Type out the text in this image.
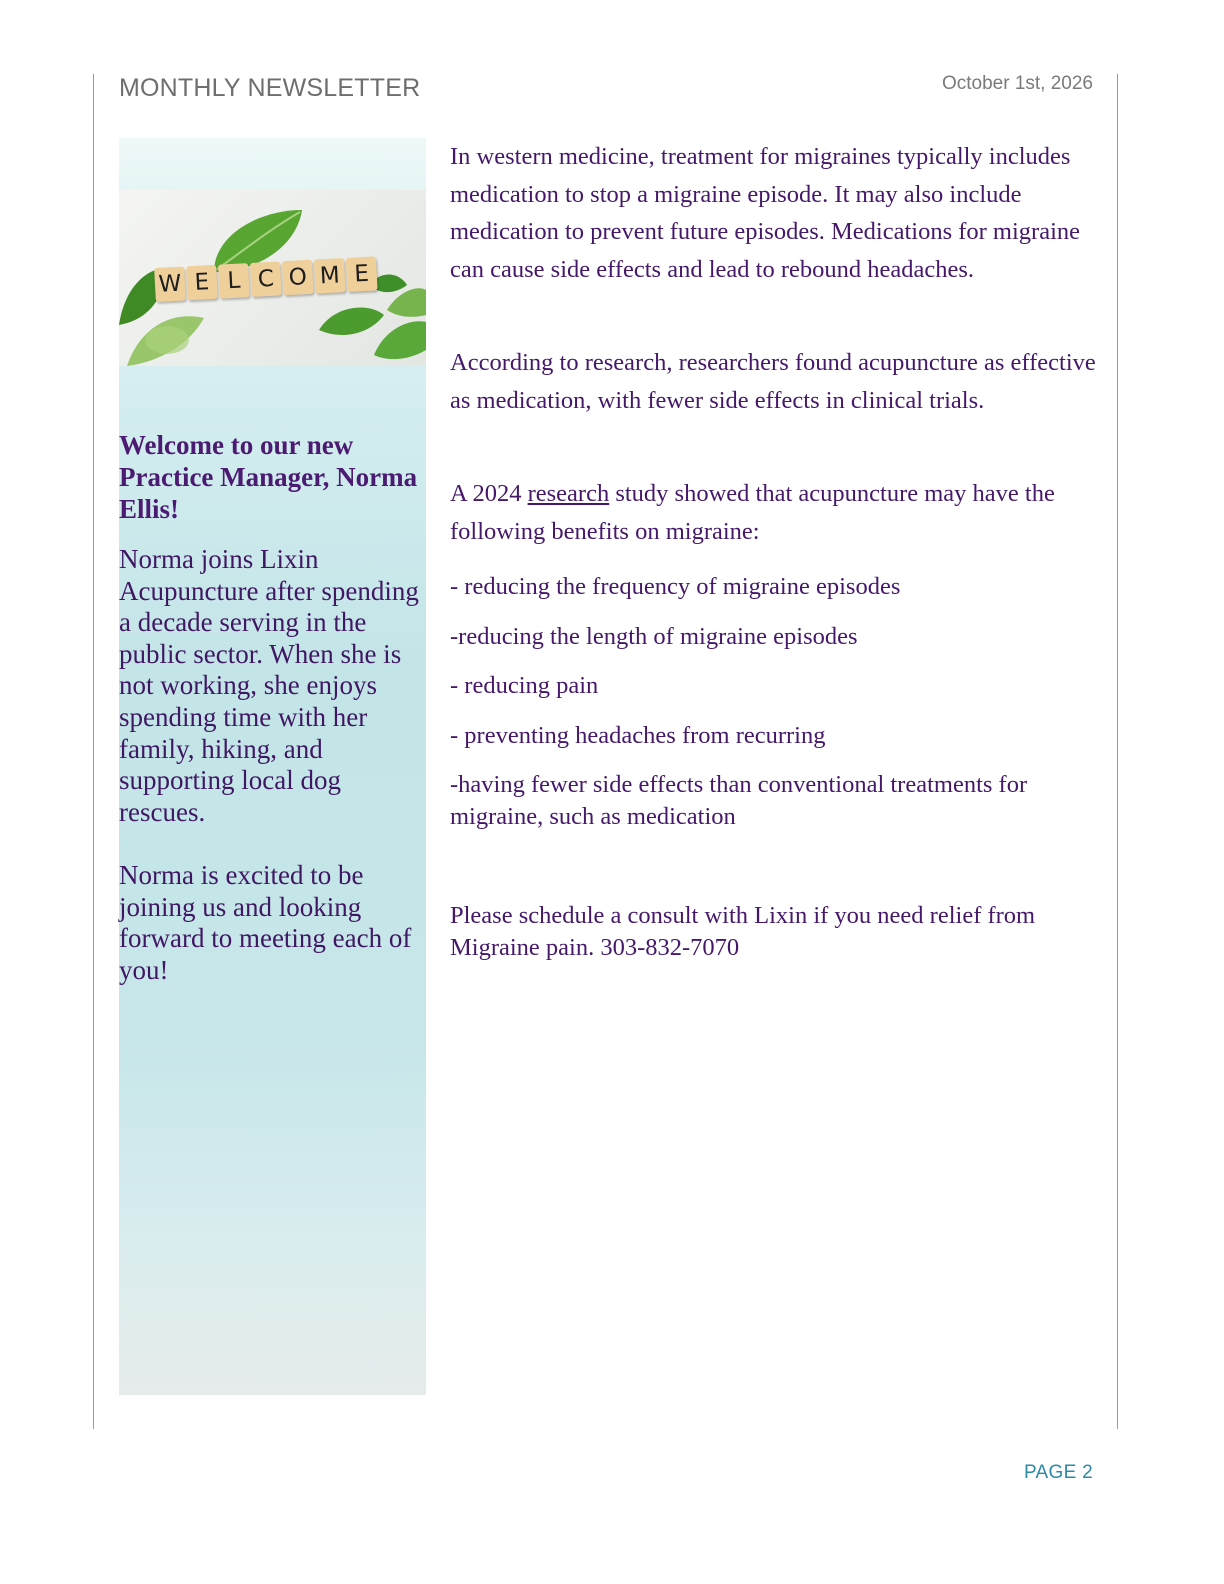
MONTHLY NEWSLETTER	October 1st, 2026
W E L C O M E
Welcome to our new Practice Manager, Norma Ellis!

Norma joins Lixin Acupuncture after spending a decade serving in the public sector. When she is not working, she enjoys spending time with her family, hiking, and supporting local dog rescues.

Norma is excited to be joining us and looking forward to meeting each of you!

In western medicine, treatment for migraines typically includes medication to stop a migraine episode. It may also include medication to prevent future episodes. Medications for migraine can cause side effects and lead to rebound headaches.

According to research, researchers found acupuncture as effective as medication, with fewer side effects in clinical trials.

A 2024 research study showed that acupuncture may have the following benefits on migraine:

- reducing the frequency of migraine episodes

-reducing the length of migraine episodes

- reducing pain

- preventing headaches from recurring

-having fewer side effects than conventional treatments for migraine, such as medication

Please schedule a consult with Lixin if you need relief from Migraine pain. 303-832-7070

PAGE 2
